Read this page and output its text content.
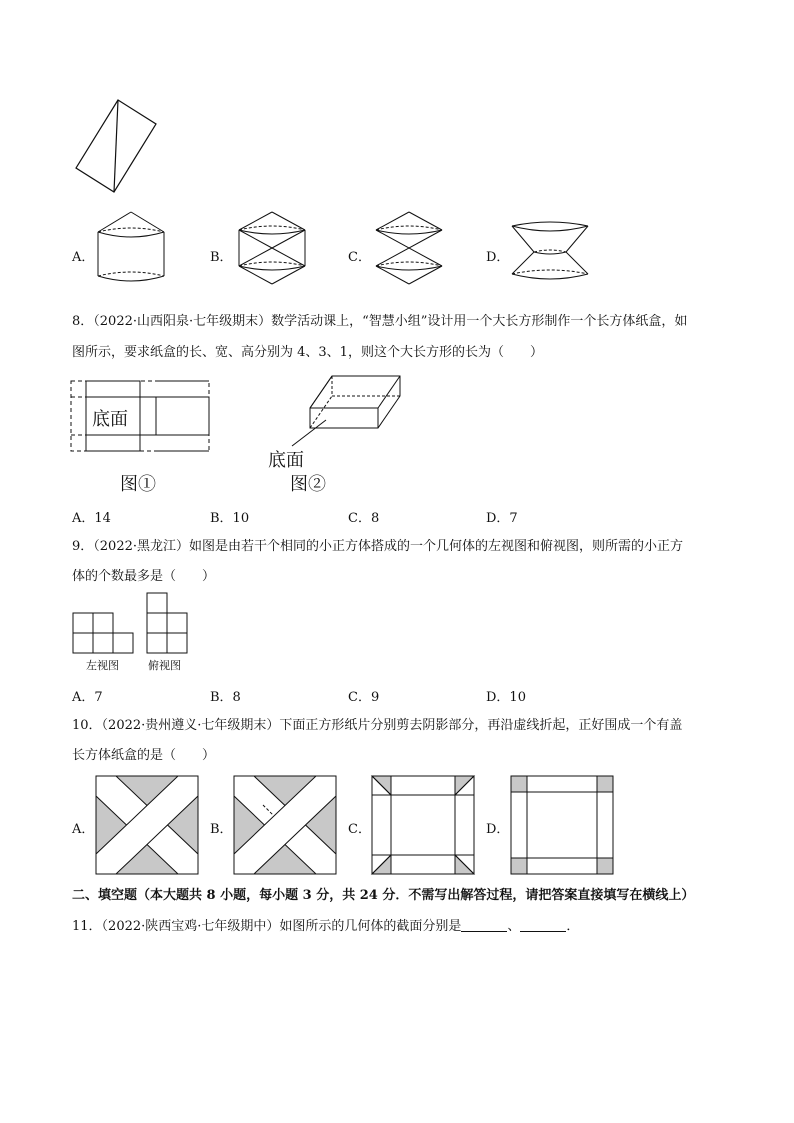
A．	B．	C．	D．
8．（2022·山西阳泉·七年级期末）数学活动课上，“智慧小组”设计用一个大长方形制作一个长方体纸盒，如
图所示，要求纸盒的长、宽、高分别为 4、3、1，则这个大长方形的长为（　　）
底面
图①
底面
图②
A．14	B．10	C．8	D．7
9．（2022·黑龙江）如图是由若干个相同的小正方体搭成的一个几何体的左视图和俯视图，则所需的小正方
体的个数最多是（　　）
左视图	俯视图
A．7	B．8	C．9	D．10
10．（2022·贵州遵义·七年级期末）下面正方形纸片分别剪去阴影部分，再沿虚线折起，正好围成一个有盖
长方体纸盒的是（　　）
A．	B．	C．	D．
二、填空题（本大题共 8 小题，每小题 3 分，共 24 分．不需写出解答过程，请把答案直接填写在横线上）
11．（2022·陕西宝鸡·七年级期中）如图所示的几何体的截面分别是	、	．
